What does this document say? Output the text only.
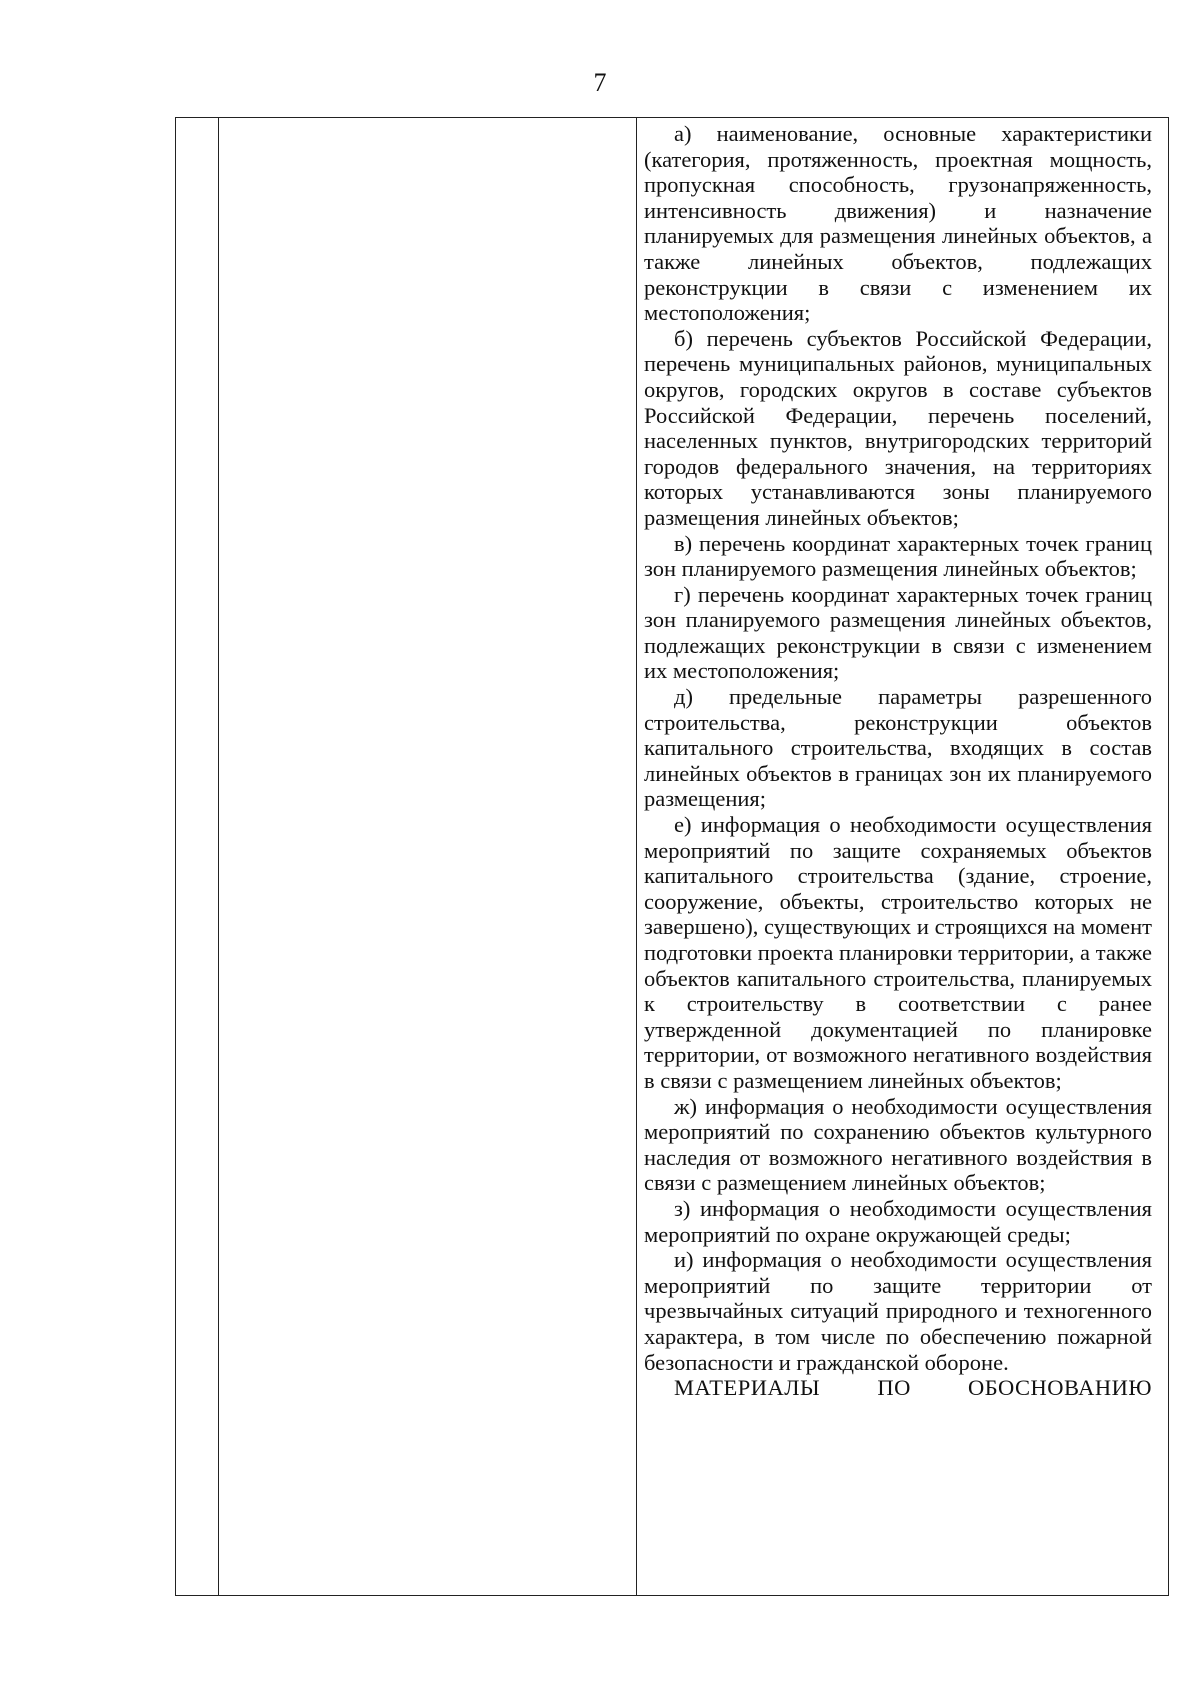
7

а) наименование, основные характеристики (категория, протяженность, проектная мощность, пропускная способность, грузонапряженность, интенсивность движения) и назначение планируемых для размещения линейных объектов, а также линейных объектов, подлежащих реконструкции в связи с изменением их местоположения;

б) перечень субъектов Российской Федерации, перечень муниципальных районов, муниципальных округов, городских округов в составе субъектов Российской Федерации, перечень поселений, населенных пунктов, внутригородских территорий городов федерального значения, на территориях которых устанавливаются зоны планируемого размещения линейных объектов;

в) перечень координат характерных точек границ зон планируемого размещения линейных объектов;

г) перечень координат характерных точек границ зон планируемого размещения линейных объектов, подлежащих реконструкции в связи с изменением их местоположения;

д) предельные параметры разрешенного строительства, реконструкции объектов капитального строительства, входящих в состав линейных объектов в границах зон их планируемого размещения;

е) информация о необходимости осуществления мероприятий по защите сохраняемых объектов капитального строительства (здание, строение, сооружение, объекты, строительство которых не завершено), существующих и строящихся на момент подготовки проекта планировки территории, а также объектов капитального строительства, планируемых к строительству в соответствии с ранее утвержденной документацией по планировке территории, от возможного негативного воздействия в связи с размещением линейных объектов;

ж) информация о необходимости осуществления мероприятий по сохранению объектов культурного наследия от возможного негативного воздействия в связи с размещением линейных объектов;

з) информация о необходимости осуществления мероприятий по охране окружающей среды;

и) информация о необходимости осуществления мероприятий по защите территории от чрезвычайных ситуаций природного и техногенного характера, в том числе по обеспечению пожарной безопасности и гражданской обороне.

МАТЕРИАЛЫ ПО ОБОСНОВАНИЮ
